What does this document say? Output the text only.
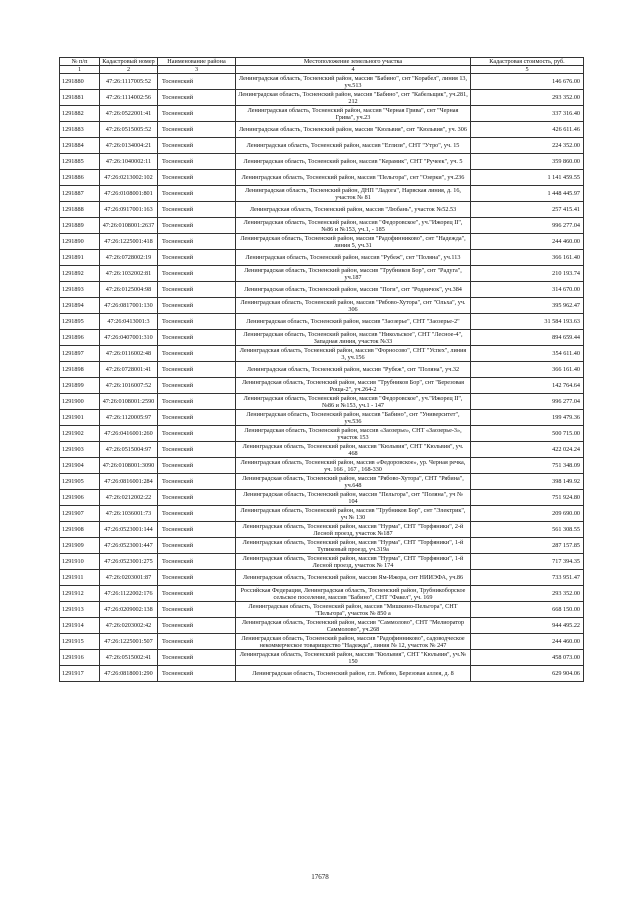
№ п/п	Кадастровый номер	Наименование района	Местоположение земельного участка	Кадастровая стоимость, руб.
1	2	3	4	5
1291880	47:26:1117005:52	Тосненский	Ленинградская область, Тосненский район, массив "Бабино", снт "Корабел", линия 13, уч.513	146 676.00
1291881	47:26:1114002:56	Тосненский	Ленинградская область, Тосненский район, массив "Бабино", снт "Кабельщик", уч.281, 212	293 352.00
1291882	47:26:0522001:41	Тосненский	Ленинградская область, Тосненский район, массив "Черная Грива", снт "Черная Грива", уч.23	337 316.40
1291883	47:26:0515005:52	Тосненский	Ленинградская область, Тосненский район, массив "Кюльвия", снт "Кюльвия", уч. 306	426 611.46
1291884	47:26:0134004:21	Тосненский	Ленинградская область, Тосненский район, массив "Еглизи", СНТ "Утро", уч. 15	224 352.00
1291885	47:26:1040002:11	Тосненский	Ленинградская область, Тосненский район, массив "Керамик", СНТ "Ручеек", уч. 5	359 860.00
1291886	47:26:0213002:102	Тосненский	Ленинградская область, Тосненский район, массив "Пельгора", снт "Озерки", уч.236	1 141 459.55
1291887	47:26:0108001:801	Тосненский	Ленинградская область, Тосненский район, ДНП "Ладога", Нарвская линия, д. 16, участок № 81	1 448 445.97
1291888	47:26:0917001:163	Тосненский	Ленинградская область, Тосненский район, массив "Любань", участок №52.53	257 415.41
1291889	47:26:0108001:2637	Тосненский	Ленинградская область, Тосненский район, массив "Федоровское", уч."Ижорец II", №86 и №153, уч.1, - 185	996 277.04
1291890	47:26:1225001:418	Тосненский	Ленинградская область, Тосненский район, массив "Радофинниково", снт "Надежда", линия 5, уч.31	244 460.00
1291891	47:26:0728002:19	Тосненский	Ленинградская область, Тосненский район, массив "Рубеж", снт "Полянa", уч.113	366 161.40
1291892	47:26:1032002:81	Тосненский	Ленинградская область, Тосненский район, массив "Трубников Бор", снт "Радуга", уч.187	210 193.74
1291893	47:26:0125004:98	Тосненский	Ленинградская область, Тосненский район, массив "Поги", снт "Родничок", уч.384	314 670.00
1291894	47:26:0817001:130	Тосненский	Ленинградская область, Тосненский район, массив "Рябово-Хутора", снт "Ольха", уч. 306	395 962.47
1291895	47:26:0413001:3	Тосненский	Ленинградская область, Тосненский район, массив "Заозерье", СНТ "Заозерье-2"	31 584 193.63
1291896	47:26:0407001:310	Тосненский	Ленинградская область, Тосненский район, массив "Никольское", СНТ "Лесное-4", Западная линия, участок №33	894 659.44
1291897	47:26:0116002:48	Тосненский	Ленинградская область, Тосненский район, массив "Форносово", СНТ "Успех", линия 3, уч.156	354 611.40
1291898	47:26:0728001:41	Тосненский	Ленинградская область, Тосненский район, массив "Рубеж", снт "Полянa", уч.32	366 161.40
1291899	47:26:1016007:52	Тосненский	Ленинградская область, Тосненский район, массив "Трубников Бор", снт "Березовая Роща-2", уч.264-2	142 764.64
1291900	47:26:0108001:2590	Тосненский	Ленинградская область, Тосненский район, массив "Федоровское", уч."Ижорец II", №86 и №153, уч.1 - 147	996 277.04
1291901	47:26:1120005:97	Тосненский	Ленинградская область, Тосненский район, массив "Бабино", снт "Университет", уч.536	199 479.36
1291902	47:26:0416001:260	Тосненский	Ленинградская область, Тосненский район, массив «Заозерье», СНТ «Заозерье-3», участок 153	500 715.00
1291903	47:26:0515004:97	Тосненский	Ленинградская область, Тосненский район, массив "Кюльвия", СНТ "Кюльвия", уч. 468	422 024.24
1291904	47:26:0108001:3090	Тосненский	Ленинградская область, Тосненский район, массив «Федоровское», ур. Черная речка, уч. 166 , 167 , 168-330	751 348.09
1291905	47:26:0816001:284	Тосненский	Ленинградская область, Тосненский район, массив "Рябово-Хутора", СНТ "Рябина", уч.648	398 149.92
1291906	47:26:0212002:22	Тосненский	Ленинградская область, Тосненский район, массив "Пельгора", снт "Полянa", уч № 104	751 924.80
1291907	47:26:1036001:73	Тосненский	Ленинградская область, Тосненский район, массив "Трубников Бор", снт "Электрик", уч № 130	209 690.00
1291908	47:26:0523001:144	Тосненский	Ленинградская область, Тосненский район, массив "Нурма", СНТ "Торфяники", 2-й Лесной проезд, участок №187	561 308.55
1291909	47:26:0523001:447	Тосненский	Ленинградская область, Тосненский район, массив "Нурма", СНТ "Торфяники", 1-й Тупиковый проезд, уч.319а	287 157.85
1291910	47:26:0523001:275	Тосненский	Ленинградская область, Тосненский район, массив "Нурма", СНТ "Торфяники", 1-й Лесной проезд, участок № 174	717 394.35
1291911	47:26:0203001:87	Тосненский	Ленинградская область, Тосненский район, массив Ям-Ижора, снт НИИЭФА, уч.86	733 951.47
1291912	47:26:1122002:176	Тосненский	Российская Федерация, Ленинградская область, Тосненский район, Трубникоборское сельское поселение, массив "Бабино", СНТ "Факел", уч. 169	293 352.00
1291913	47:26:0209002:138	Тосненский	Ленинградская область, Тосненский район, массив "Мишкино-Пельгора", СНТ "Пельгора", участок № 850 а	668 150.00
1291914	47:26:0203002:42	Тосненский	Ленинградская область, Тосненский район, массив "Саммолово", СНТ "Мелиоратор Саммолово", уч.268	944 495.22
1291915	47:26:1225001:507	Тосненский	Ленинградская область, Тосненский район, массив "Радофинниково", садоводческое некоммерческое товарищество "Надежда", линия № 12, участок № 247	244 460.00
1291916	47:26:0515002:41	Тосненский	Ленинградская область, Тосненский район, массив "Кюльвия", СНТ "Кюльвия", уч.№ 150	458 073.00
1291917	47:26:0818001:290	Тосненский	Ленинградская область, Тосненский район, г.п. Рябово, Березовая аллея, д. 8	629 904.06
17678
